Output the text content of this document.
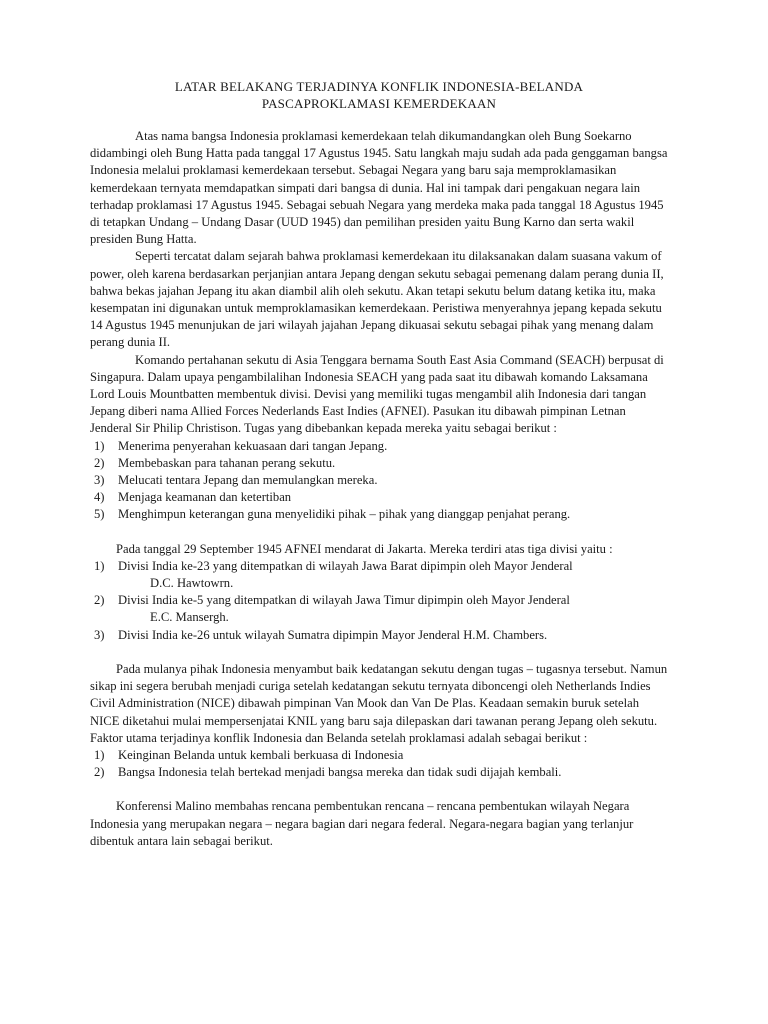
LATAR BELAKANG TERJADINYA KONFLIK INDONESIA-BELANDA
PASCAPROKLAMASI KEMERDEKAAN

Atas nama bangsa Indonesia proklamasi kemerdekaan telah dikumandangkan oleh Bung Soekarno didambingi oleh Bung Hatta pada tanggal 17 Agustus 1945. Satu langkah maju sudah ada pada genggaman bangsa Indonesia melalui proklamasi kemerdekaan tersebut. Sebagai Negara yang baru saja memproklamasikan kemerdekaan ternyata memdapatkan simpati dari bangsa di dunia. Hal ini tampak dari pengakuan negara lain terhadap proklamasi 17 Agustus 1945. Sebagai sebuah Negara yang merdeka maka pada tanggal 18 Agustus 1945 di tetapkan Undang – Undang Dasar (UUD 1945) dan pemilihan presiden yaitu Bung Karno dan serta wakil presiden Bung Hatta.

Seperti tercatat dalam sejarah bahwa proklamasi kemerdekaan itu dilaksanakan dalam suasana vakum of power, oleh karena berdasarkan perjanjian antara Jepang dengan sekutu sebagai pemenang dalam perang dunia II, bahwa bekas jajahan Jepang itu akan diambil alih oleh sekutu. Akan tetapi sekutu belum datang ketika itu, maka kesempatan ini digunakan untuk memproklamasikan kemerdekaan. Peristiwa menyerahnya jepang kepada sekutu 14 Agustus 1945 menunjukan de jari wilayah jajahan Jepang dikuasai sekutu sebagai pihak yang menang dalam perang dunia II.

Komando pertahanan sekutu di Asia Tenggara bernama South East Asia Command (SEACH) berpusat di Singapura. Dalam upaya pengambilalihan Indonesia SEACH yang pada saat itu dibawah komando Laksamana Lord Louis Mountbatten membentuk divisi. Devisi yang memiliki tugas mengambil alih Indonesia dari tangan Jepang diberi nama Allied Forces Nederlands East Indies (AFNEI). Pasukan itu dibawah pimpinan Letnan Jenderal Sir Philip Christison. Tugas yang dibebankan kepada mereka yaitu sebagai berikut :

1) Menerima penyerahan kekuasaan dari tangan Jepang.
2) Membebaskan para tahanan perang sekutu.
3) Melucati tentara Jepang dan memulangkan mereka.
4) Menjaga keamanan dan ketertiban
5) Menghimpun keterangan guna menyelidiki pihak – pihak yang dianggap penjahat perang.

Pada tanggal 29 September 1945 AFNEI mendarat di Jakarta. Mereka terdiri atas tiga divisi yaitu :

1) Divisi India ke-23 yang ditempatkan di wilayah Jawa Barat dipimpin oleh Mayor Jenderal
D.C. Hawtowrn.
2) Divisi India ke-5 yang ditempatkan di wilayah Jawa Timur dipimpin oleh Mayor Jenderal
E.C. Mansergh.
3) Divisi India ke-26 untuk wilayah Sumatra dipimpin Mayor Jenderal H.M. Chambers.

Pada mulanya pihak Indonesia menyambut baik kedatangan sekutu dengan tugas – tugasnya tersebut. Namun sikap ini segera berubah menjadi curiga setelah kedatangan sekutu ternyata diboncengi oleh Netherlands Indies Civil Administration (NICE) dibawah pimpinan Van Mook dan Van De Plas. Keadaan semakin buruk setelah NICE diketahui mulai mempersenjatai KNIL yang baru saja dilepaskan dari tawanan perang Jepang oleh sekutu. Faktor utama terjadinya konflik Indonesia dan Belanda setelah proklamasi adalah sebagai berikut :

1) Keinginan Belanda untuk kembali berkuasa di Indonesia
2) Bangsa Indonesia telah bertekad menjadi bangsa mereka dan tidak sudi dijajah kembali.

Konferensi Malino membahas rencana pembentukan rencana – rencana pembentukan wilayah Negara Indonesia yang merupakan negara – negara bagian dari negara federal. Negara-negara bagian yang terlanjur dibentuk antara lain sebagai berikut.
